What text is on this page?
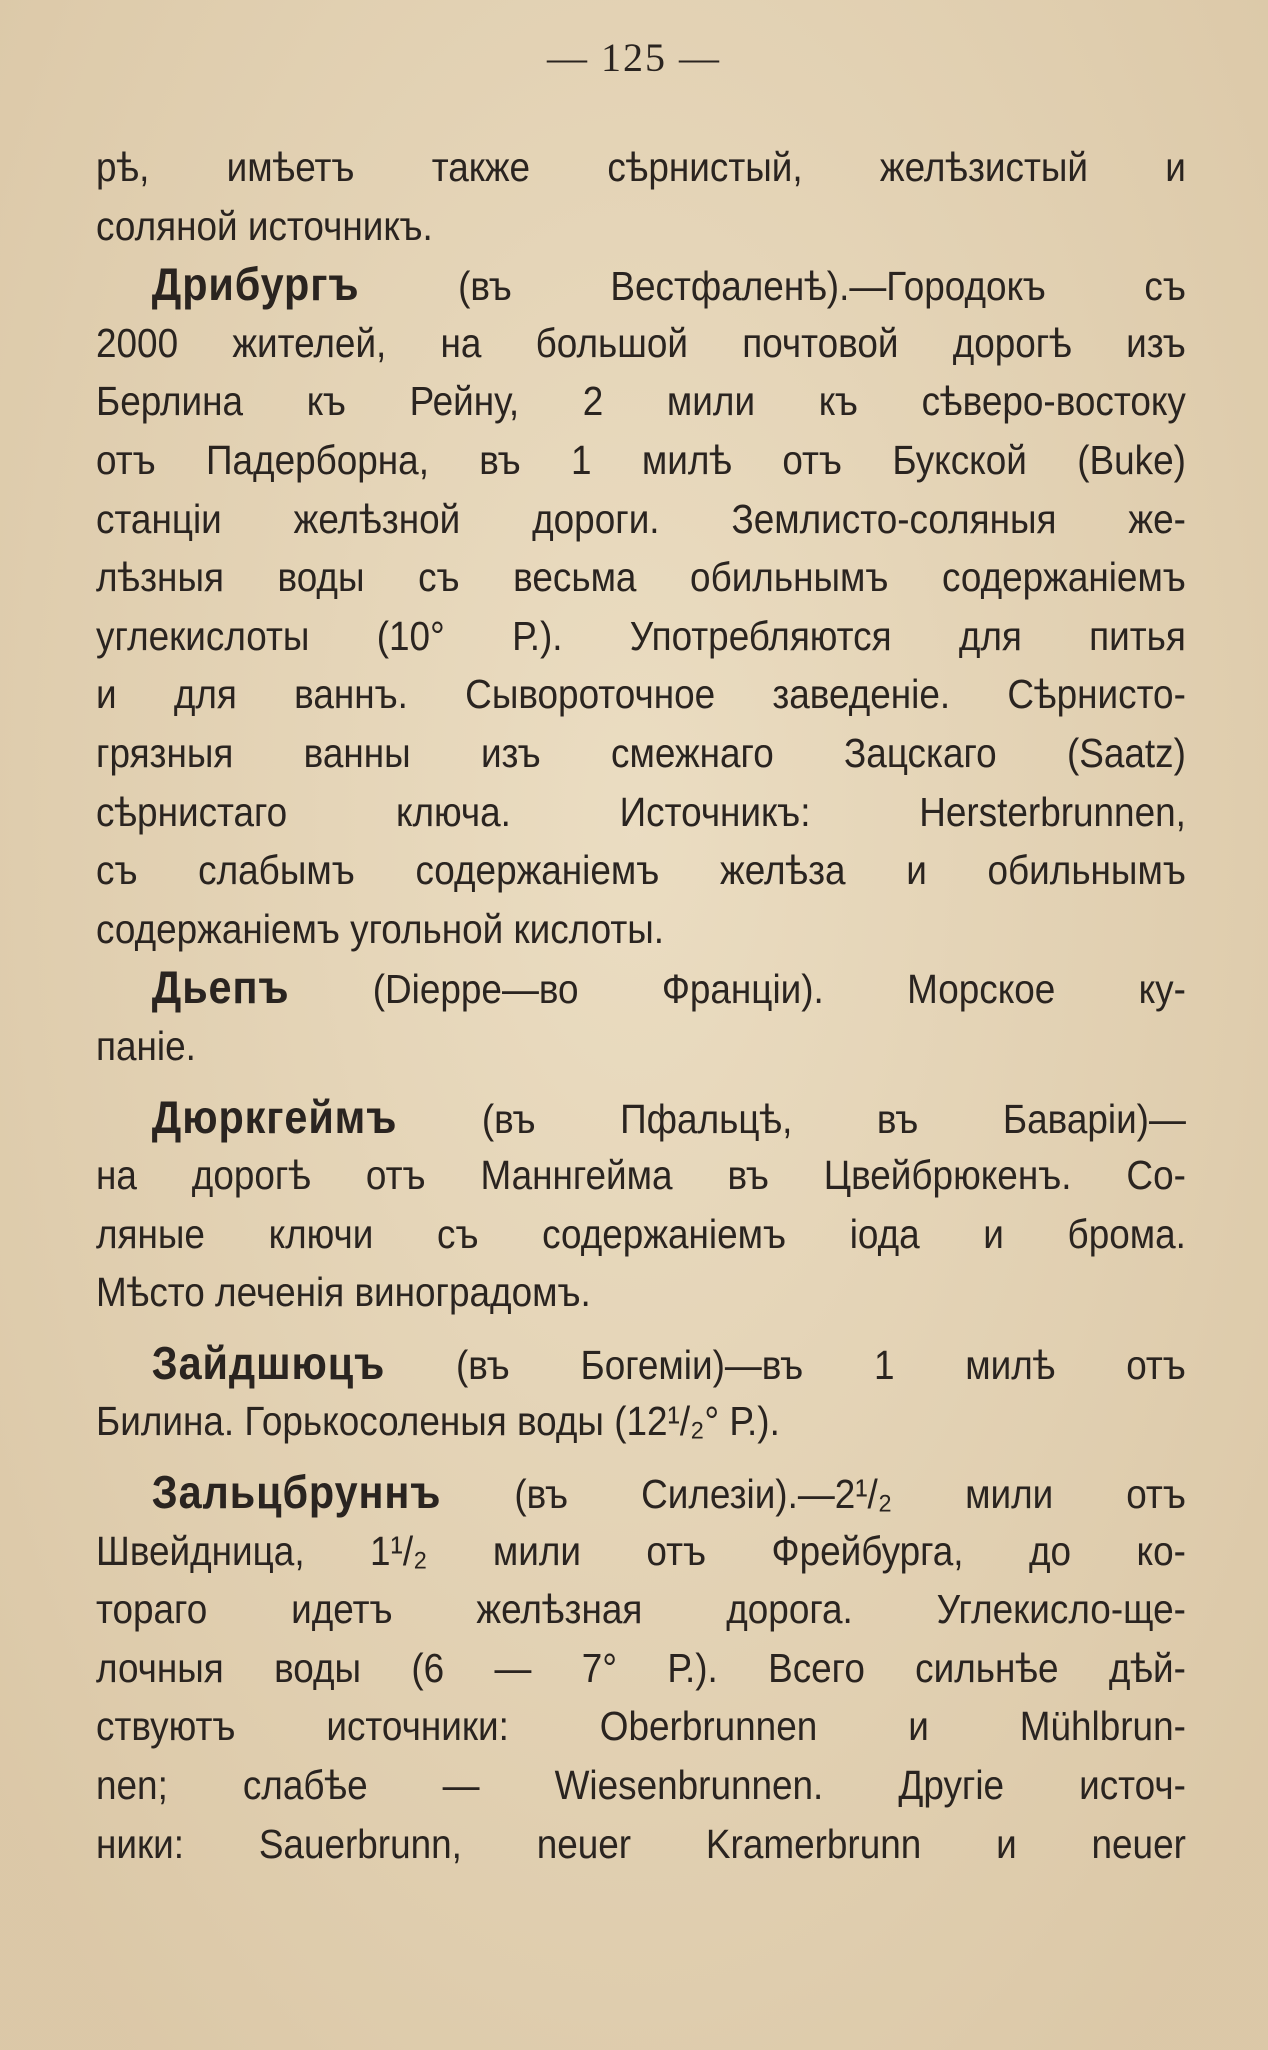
— 125 —
рѣ, имѣетъ также сѣрнистый, желѣзистый и
соляной источникъ.
Дрибургъ (въ Вестфаленѣ).—Городокъ съ
2000 жителей, на большой почтовой дорогѣ изъ
Берлина къ Рейну, 2 мили къ сѣверо-востоку
отъ Падерборна, въ 1 милѣ отъ Букской (Buke)
станціи желѣзной дороги. Землисто-соляныя же-
лѣзныя воды съ весьма обильнымъ содержаніемъ
углекислоты (10° Р.). Употребляются для питья
и для ваннъ. Сывороточное заведеніе. Сѣрнисто-
грязныя ванны изъ смежнаго Зацскаго (Saatz)
сѣрнистаго ключа. Источникъ: Hersterbrunnen,
съ слабымъ содержаніемъ желѣза и обильнымъ
содержаніемъ угольной кислоты.
Дьепъ (Dieppe—во Франціи). Морское ку-
паніе.
Дюркгеймъ (въ Пфальцѣ, въ Баваріи)—
на дорогѣ отъ Маннгейма въ Цвейбрюкенъ. Со-
ляные ключи съ содержаніемъ іода и брома.
Мѣсто леченія виноградомъ.
Зайдшюцъ (въ Богеміи)—въ 1 милѣ отъ
Билина. Горькосоленыя воды (12¹/₂° Р.).
Зальцбруннъ (въ Силезіи).—2¹/₂ мили отъ
Швейдница, 1¹/₂ мили отъ Фрейбурга, до ко-
тораго идетъ желѣзная дорога. Углекисло-ще-
лочныя воды (6 — 7° Р.). Всего сильнѣе дѣй-
ствуютъ источники: Oberbrunnen и Mühlbrun-
nen; слабѣе — Wiesenbrunnen. Другіе источ-
ники: Sauerbrunn, neuer Kramerbrunn и neuer
